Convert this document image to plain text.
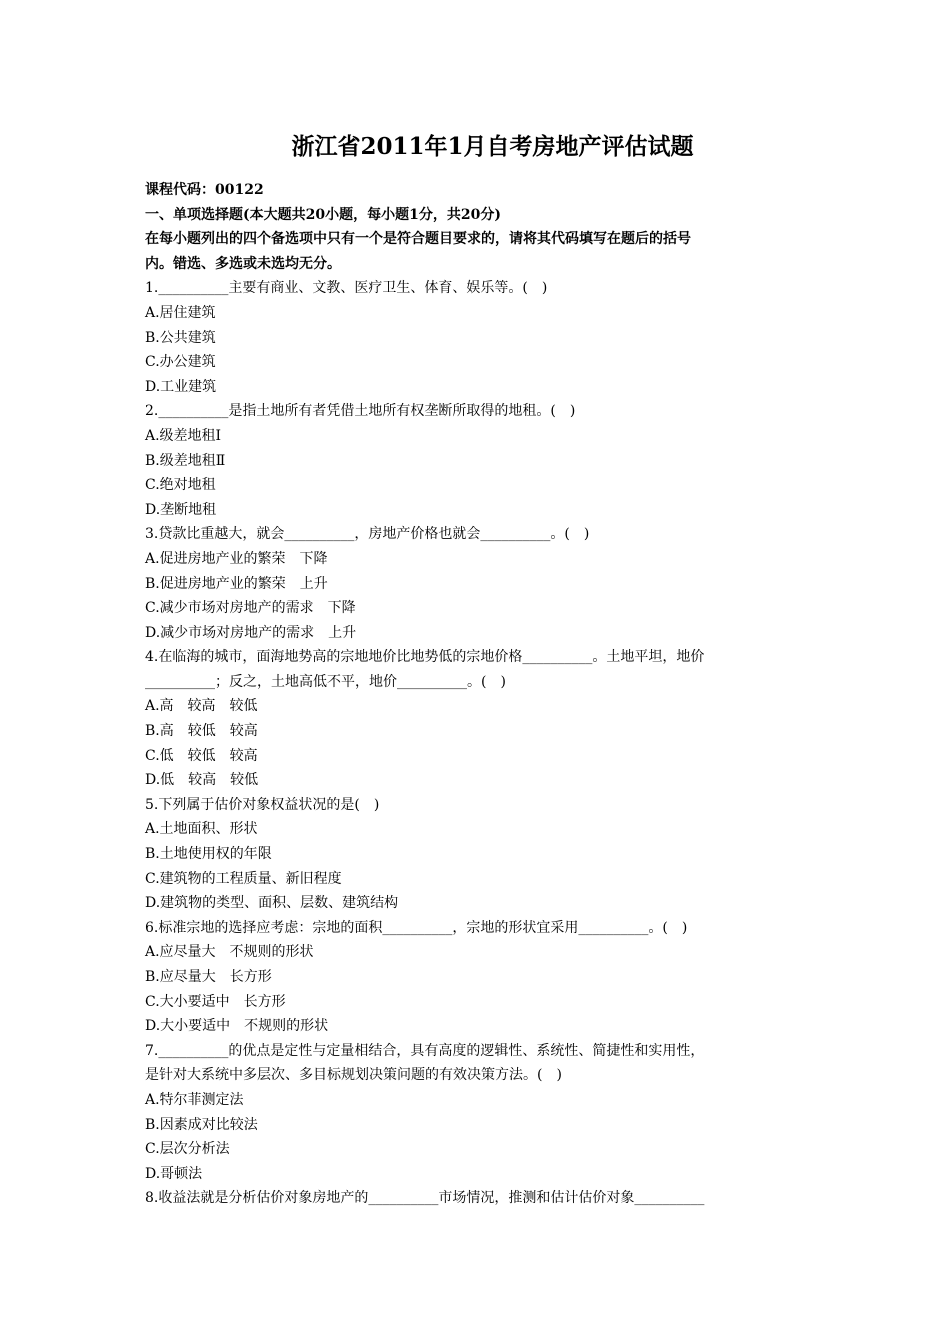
浙江省2011年1月自考房地产评估试题

课程代码：00122

一、单项选择题(本大题共20小题，每小题1分，共20分)

在每小题列出的四个备选项中只有一个是符合题目要求的，请将其代码填写在题后的括号

内。错选、多选或未选均无分。

1.__________主要有商业、文教、医疗卫生、体育、娱乐等。(　)

A.居住建筑

B.公共建筑

C.办公建筑

D.工业建筑

2.__________是指土地所有者凭借土地所有权垄断所取得的地租。(　)

A.级差地租Ⅰ

B.级差地租Ⅱ

C.绝对地租

D.垄断地租

3.贷款比重越大，就会__________，房地产价格也就会__________。(　)

A.促进房地产业的繁荣　下降

B.促进房地产业的繁荣　上升

C.减少市场对房地产的需求　下降

D.减少市场对房地产的需求　上升

4.在临海的城市，面海地势高的宗地地价比地势低的宗地价格__________。土地平坦，地价

__________；反之，土地高低不平，地价__________。(　)

A.高　较高　较低

B.高　较低　较高

C.低　较低　较高

D.低　较高　较低

5.下列属于估价对象权益状况的是(　)

A.土地面积、形状

B.土地使用权的年限

C.建筑物的工程质量、新旧程度

D.建筑物的类型、面积、层数、建筑结构

6.标准宗地的选择应考虑：宗地的面积__________，宗地的形状宜采用__________。(　)

A.应尽量大　不规则的形状

B.应尽量大　长方形

C.大小要适中　长方形

D.大小要适中　不规则的形状

7.__________的优点是定性与定量相结合，具有高度的逻辑性、系统性、简捷性和实用性，

是针对大系统中多层次、多目标规划决策问题的有效决策方法。(　)

A.特尔菲测定法

B.因素成对比较法

C.层次分析法

D.哥顿法

8.收益法就是分析估价对象房地产的__________市场情况，推测和估计估价对象__________
